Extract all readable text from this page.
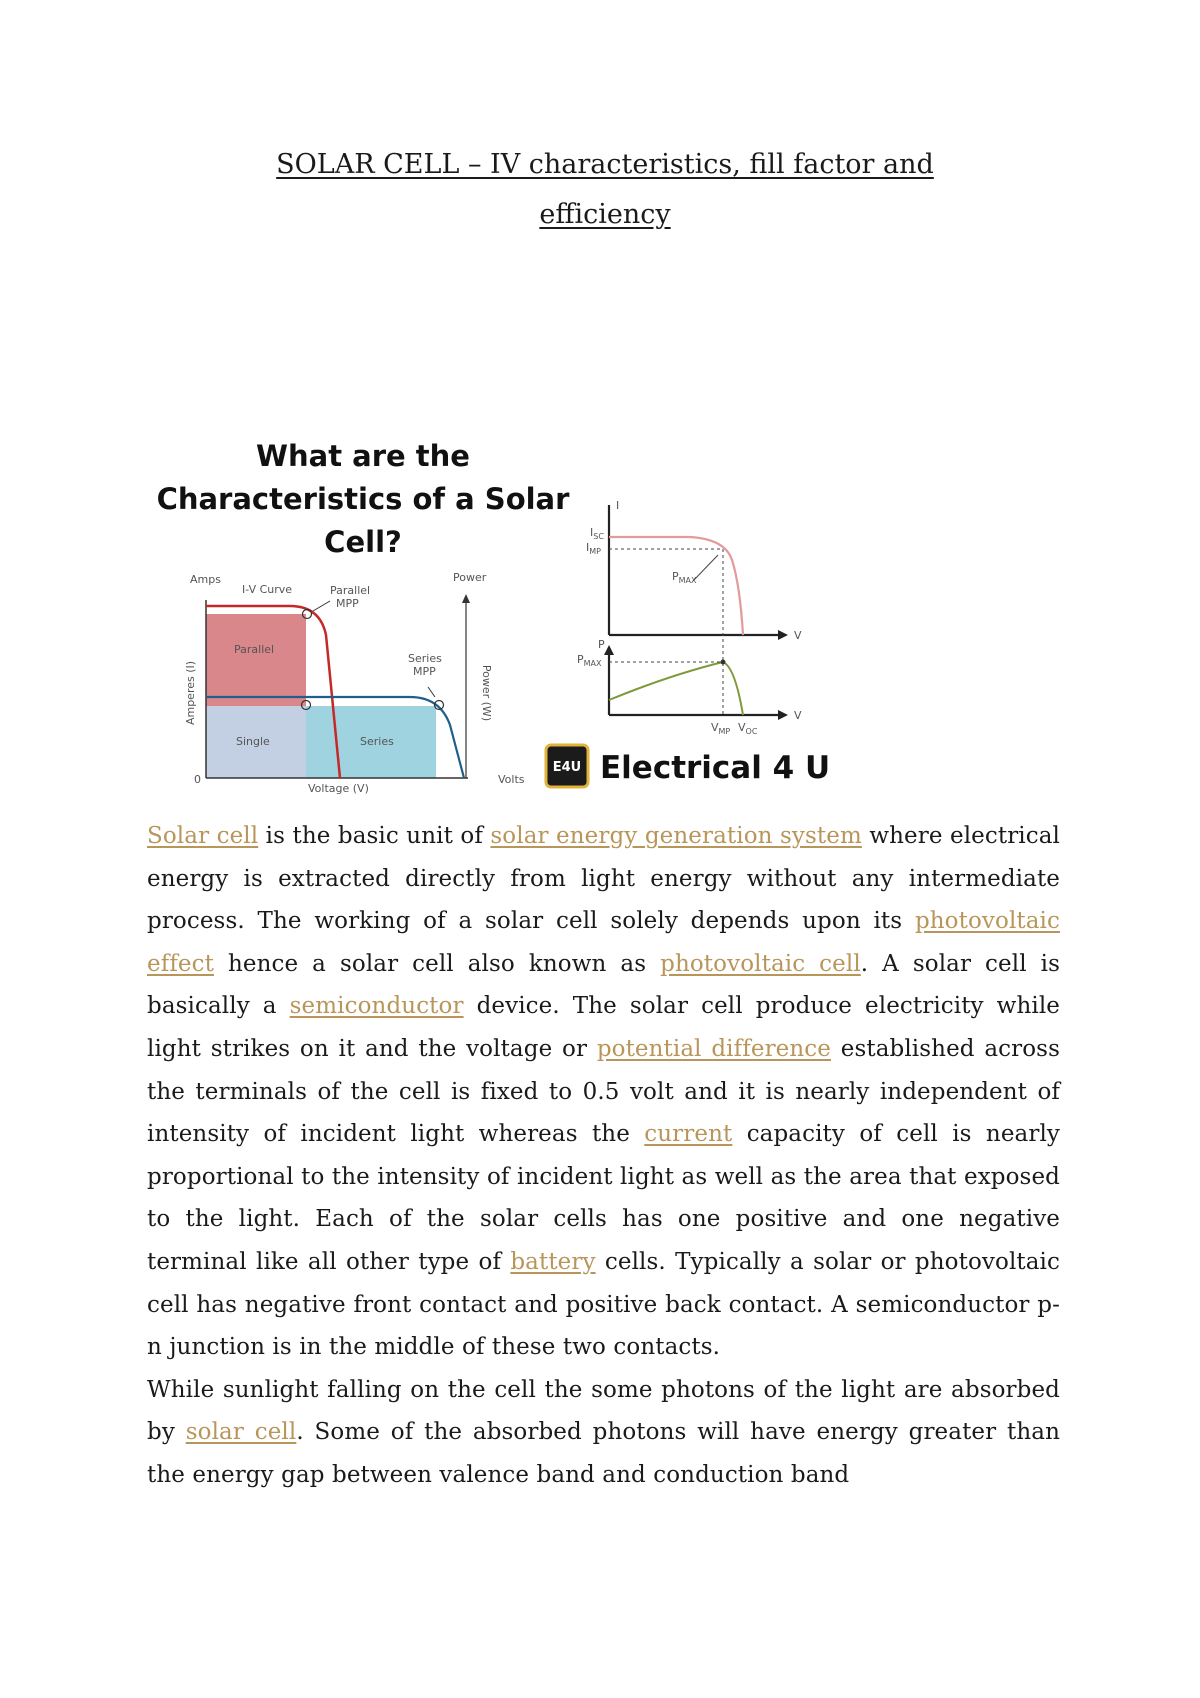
SOLAR CELL – IV characteristics, fill factor and
efficiency
What are the
Characteristics of a Solar
Cell?
Amps
I-V Curve	Parallel
MPP
Power
Parallel
Series
MPP
Single	Series
0
Voltage (V)
Volts
Amperes (I)	Power (W)
I
$I_{SC}$
$I_{MP}$
$P_{MAX}$
V
P
$P_{MAX}$
V
$V_{MP}$ $V_{OC}$
E4U Electrical 4 U

Solar cell is the basic unit of solar energy generation system where electrical energy is extracted directly from light energy without any intermediate process. The working of a solar cell solely depends upon its photovoltaic effect hence a solar cell also known as photovoltaic cell. A solar cell is basically a semiconductor device. The solar cell produce electricity while light strikes on it and the voltage or potential difference established across the terminals of the cell is fixed to 0.5 volt and it is nearly independent of intensity of incident light whereas the current capacity of cell is nearly proportional to the intensity of incident light as well as the area that exposed to the light. Each of the solar cells has one positive and one negative terminal like all other type of battery cells. Typically a solar or photovoltaic cell has negative front contact and positive back contact. A semiconductor p-n junction is in the middle of these two contacts.

While sunlight falling on the cell the some photons of the light are absorbed by solar cell. Some of the absorbed photons will have energy greater than the energy gap between valence band and conduction band
